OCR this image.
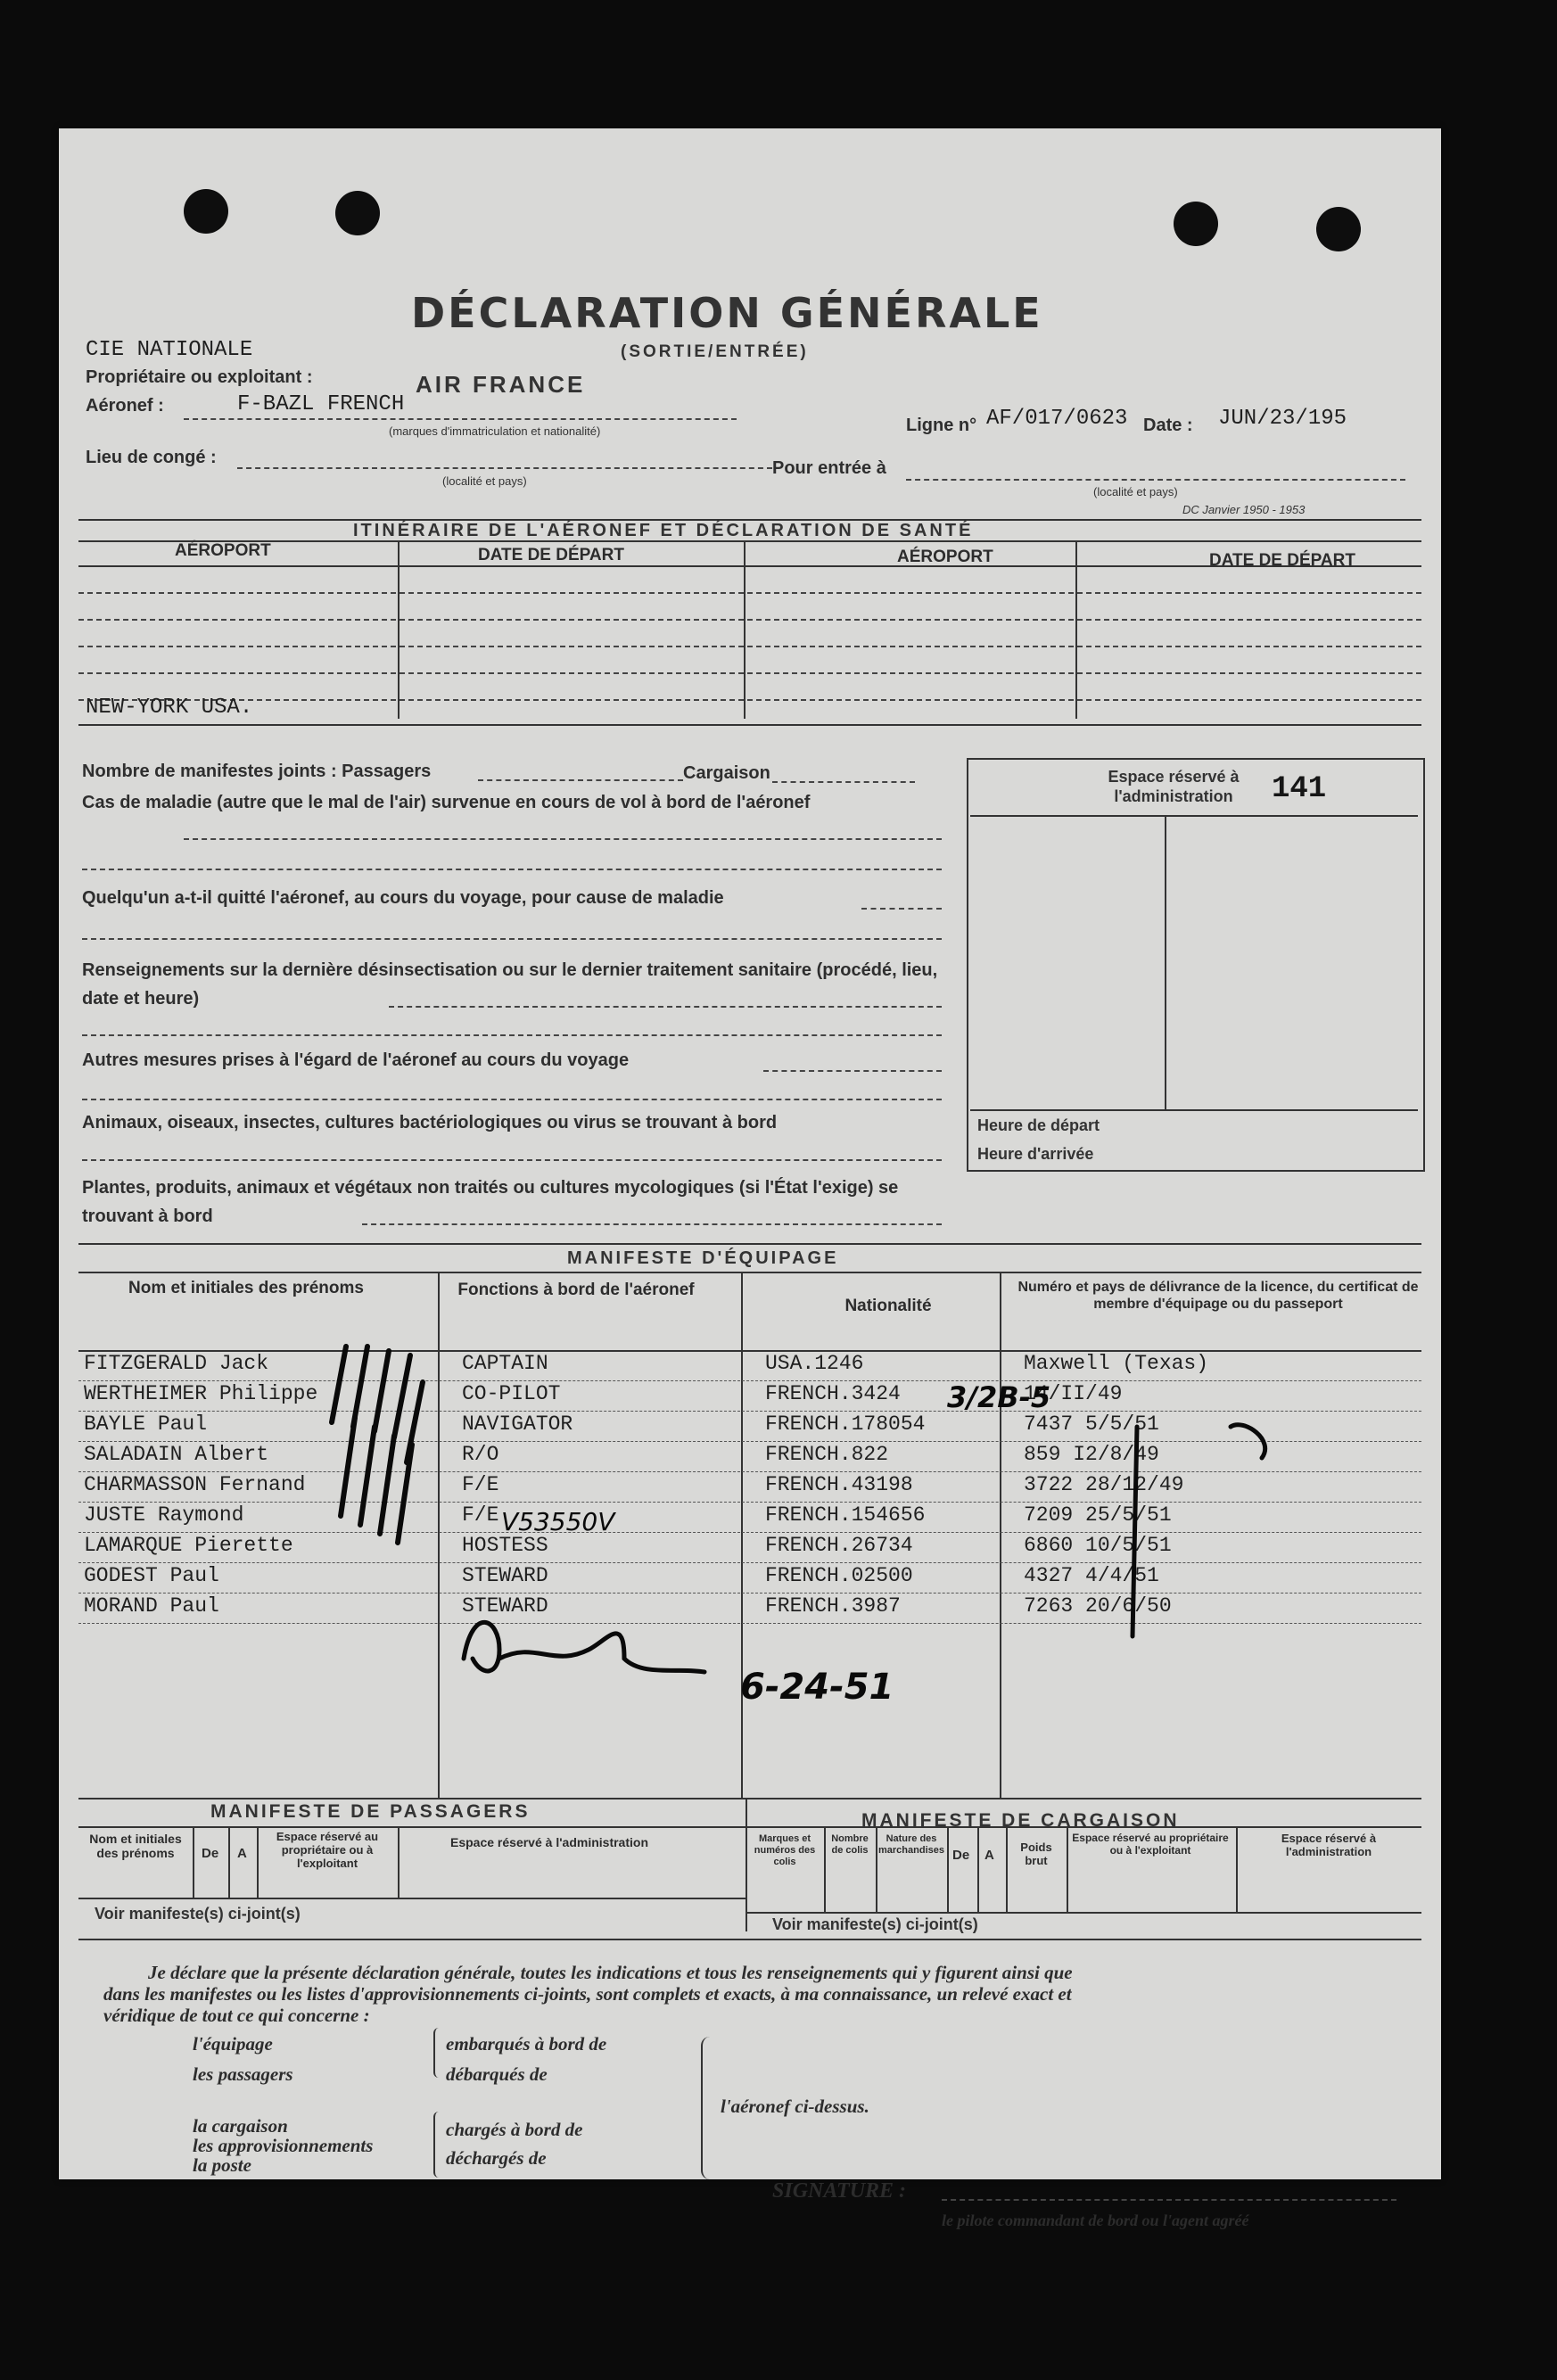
DÉCLARATION GÉNÉRALE
(SORTIE/ENTRÉE)
CIE NATIONALE
Propriétaire ou exploitant :	AIR FRANCE
Aéronef :	F-BAZL FRENCH
(marques d'immatriculation et nationalité)	Ligne n° AF/017/0623 Date : JUN/23/195
Lieu de congé :
(localité et pays)
Pour entrée à
(localité et pays)
DC Janvier 1950 - 1953
ITINÉRAIRE DE L'AÉRONEF ET DÉCLARATION DE SANTÉ
AÉROPORT	DATE DE DÉPART	AÉROPORT	DATE DE DÉPART
NEW-YORK USA.
Nombre de manifestes joints : Passagers	Cargaison
Cas de maladie (autre que le mal de l'air) survenue en cours de vol à bord de l'aéronef
Quelqu'un a-t-il quitté l'aéronef, au cours du voyage, pour cause de maladie
Renseignements sur la dernière désinsectisation ou sur le dernier traitement sanitaire (procédé, lieu, date et heure)
Autres mesures prises à l'égard de l'aéronef au cours du voyage
Animaux, oiseaux, insectes, cultures bactériologiques ou virus se trouvant à bord
Plantes, produits, animaux et végétaux non traités ou cultures mycologiques (si l'État l'exige) se trouvant à bord
Espace réservé à l'administration	141
Heure de départ
Heure d'arrivée
MANIFESTE D'ÉQUIPAGE
Nom et initiales des prénoms	Fonctions à bord de l'aéronef
Nationalité
Numéro et pays de délivrance de la licence, du certificat de membre d'équipage ou du passeport
FITZGERALD Jack	CAPTAIN	USA.1246	Maxwell (Texas)
WERTHEIMER Philippe	CO-PILOT	FRENCH.3424	14/II/49
BAYLE Paul	NAVIGATOR	FRENCH.178054	7437 5/5/51
SALADAIN Albert	R/O	FRENCH.822	859 I2/8/49
CHARMASSON Fernand	F/E	FRENCH.43198	3722 28/12/49
JUSTE Raymond	F/E	FRENCH.154656	7209 25/5/51
LAMARQUE Pierette	HOSTESS	FRENCH.26734	6860 10/5/51
GODEST Paul	STEWARD	FRENCH.02500	4327 4/4/51
MORAND Paul	STEWARD	FRENCH.3987	7263 20/6/50
MANIFESTE DE PASSAGERS	MANIFESTE DE CARGAISON
Nom et initiales des prénoms	De A
Espace réservé au propriétaire ou à l'exploitant
Espace réservé à l'administration
Voir manifeste(s) ci-joint(s)
Marques et numéros des colis
Nombre de colis
Nature des marchandises De A
Poids brut
Espace réservé au propriétaire ou à l'exploitant
Espace réservé à l'administration
Voir manifeste(s) ci-joint(s)
Je déclare que la présente déclaration générale, toutes les indications et tous les renseignements qui y figurent ainsi que
dans les manifestes ou les listes d'approvisionnements ci-joints, sont complets et exacts, à ma connaissance, un relevé exact et
véridique de tout ce qui concerne :
l'équipage
les passagers
la cargaison
les approvisionnements
la poste
embarqués à bord de
débarqués de
chargés à bord de
déchargés de
l'aéronef ci-dessus.
SIGNATURE :
le pilote commandant de bord ou l'agent agréé
3/2B-5
V53550V
6-24-51
